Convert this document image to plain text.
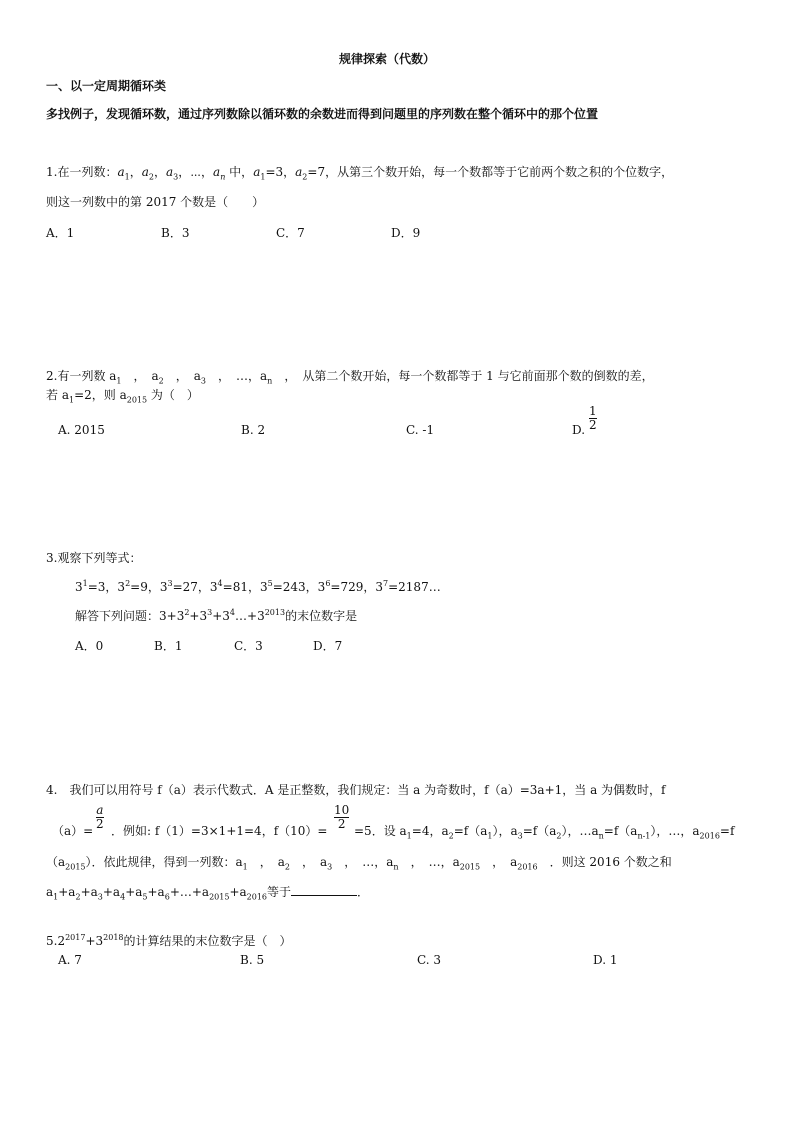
规律探索（代数）
一、以一定周期循环类
多找例子，发现循环数，通过序列数除以循环数的余数进而得到问题里的序列数在整个循环中的那个位置
1.在一列数：$a_1$，$a_2$，$a_3$，⋯，$a_n$ 中，$a_1=3$，$a_2=7$，从第三个数开始，每一个数都等于它前两个数之积的个位数字，
则这一列数中的第 2017 个数是（　　）
A．1	B．3	C．7	D．9
2.有一列数 $a_1$　，　$a_2$　，　$a_3$　，　…，$a_n$　，　从第二个数开始，每一个数都等于 1 与它前面那个数的倒数的差，
若 $a_1=2$，则 $a_{2015}$ 为（　）
A. 2015	B. 2	C. -1	D.
1
2
3.观察下列等式：
$3^1=3$，$3^2=9$，$3^3=27$，$3^4=81$，$3^5=243$，$3^6=729$，$3^7=2187\dots$
解答下列问题：$3+3^2+3^3+3^4\dots+3^{2013}$的末位数字是
A．0	B．1	C．3	D．7
4.　我们可以用符号 f（a）表示代数式．A 是正整数，我们规定：当 a 为奇数时，f（a）=3a+1，当 a 为偶数时，f
（a）=
a
2 ．例如: f（1）=3×1+1=4，f（10）=
10
2 =5．设 $a_1=4$，$a_2=f(a_1)$，$a_3=f(a_2)$，$\dots a_n=f(a_{n-1})$，…，$a_{2016}=f$
$(a_{2015})$．依此规律，得到一列数：$a_1$　，　$a_2$　，　$a_3$　，　…，$a_n$　，　…，$a_{2015}$　，　$a_{2016}$　．则这 2016 个数之和
$a_1+a_2+a_3+a_4+a_5+a_6+\dots+a_{2015}+a_{2016}$等于	．
$5.2^{2017}+3^{2018}$的计算结果的末位数字是（　）
A. 7	B. 5	C. 3	D. 1
